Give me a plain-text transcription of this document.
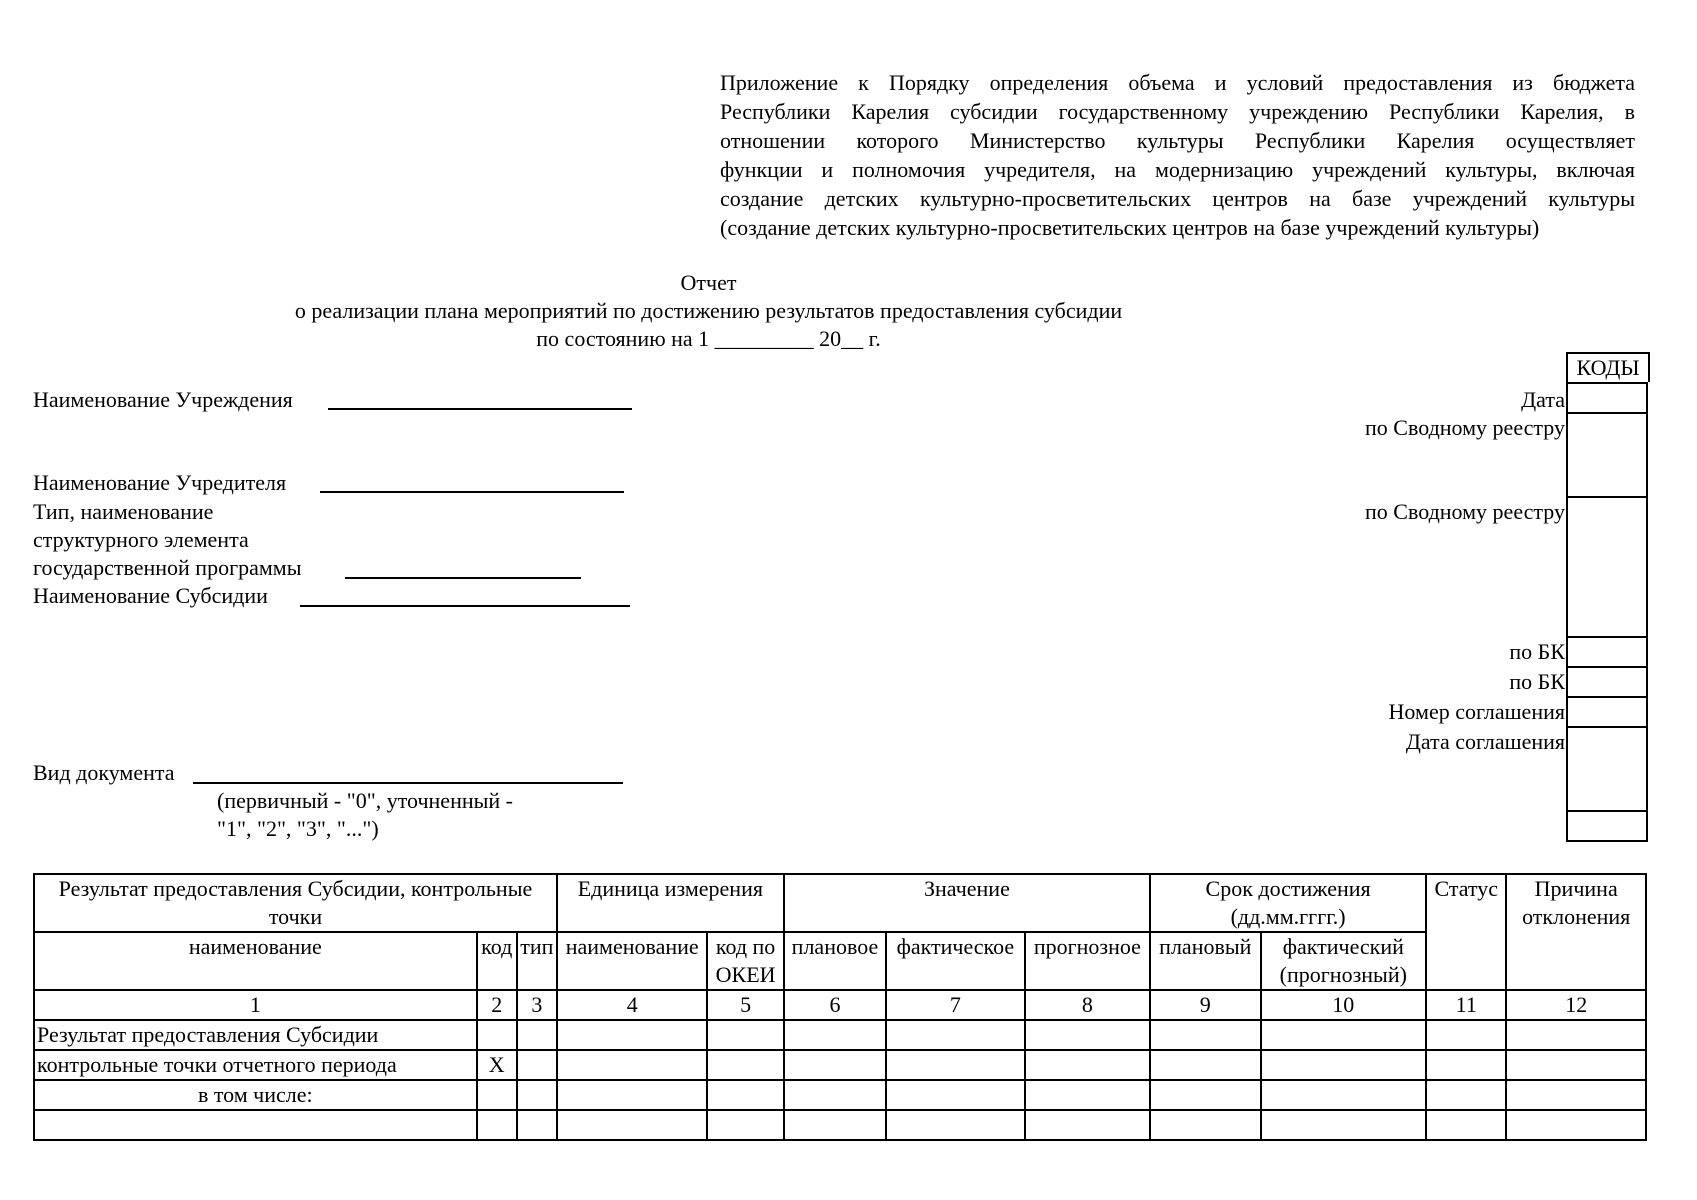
Приложение к Порядку определения объема и условий предоставления из бюджета
Республики Карелия субсидии государственному учреждению Республики Карелия, в
отношении которого Министерство культуры Республики Карелия осуществляет
функции и полномочия учредителя, на модернизацию учреждений культуры, включая
создание детских культурно-просветительских центров на базе учреждений культуры
(создание детских культурно-просветительских центров на базе учреждений культуры)
Отчет
о реализации плана мероприятий по достижению результатов предоставления субсидии
по состоянию на 1 _________ 20__ г.
Наименование Учреждения
Наименование Учредителя
Тип, наименование
структурного элемента
государственной программы
Наименование Субсидии
Вид документа
(первичный - "0", уточненный -
"1", "2", "3", "...")
Дата
по Сводному реестру
по Сводному реестру
по БК
по БК
Номер соглашения
Дата соглашения
КОДЫ

Результат предоставления Субсидии, контрольные точки			Единица измерения		Значение			Срок достижения (дд.мм.гггг.)		Статус	Причина отклонения
наименование	код	тип	наименование	код по ОКЕИ	плановое	фактическое	прогнозное	плановый	фактический (прогнозный)		
1	2	3	4	5	6	7	8	9	10	11	12
Результат предоставления Субсидии											
контрольные точки отчетного периода	X										
в том числе:											
